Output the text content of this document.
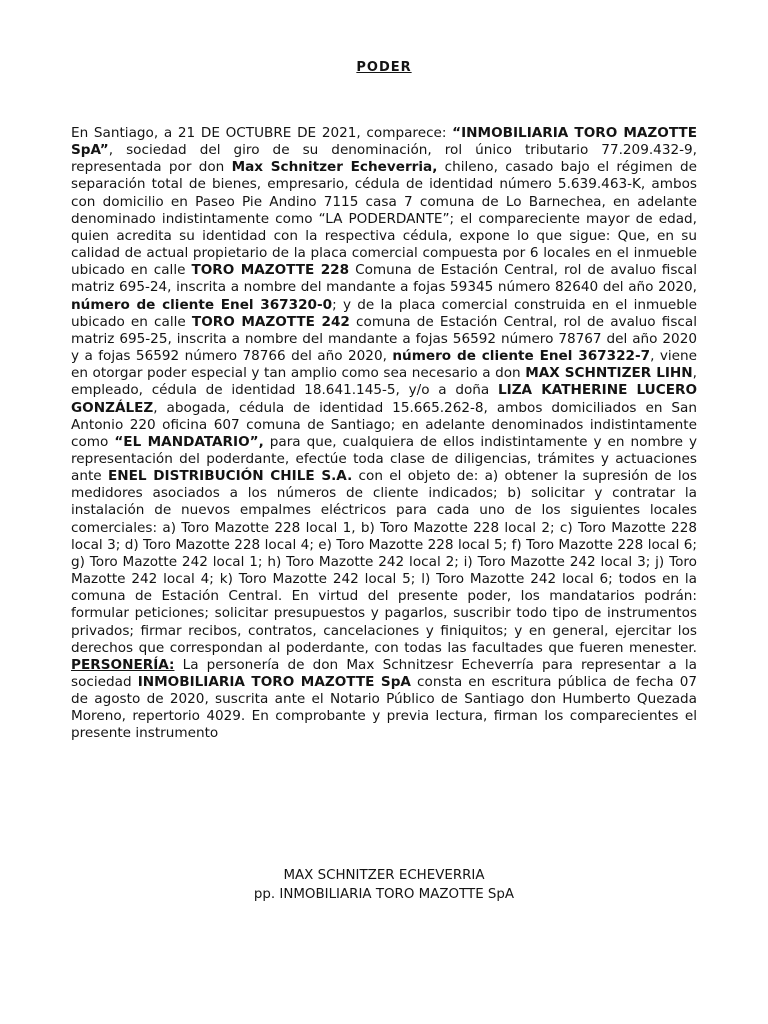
PODER
En Santiago, a 21 DE OCTUBRE DE 2021, comparece: “INMOBILIARIA TORO MAZOTTE SpA”, sociedad del giro de su denominación, rol único tributario 77.209.432-9, representada por don Max Schnitzer Echeverria, chileno, casado bajo el régimen de separación total de bienes, empresario, cédula de identidad número 5.639.463-K, ambos con domicilio en Paseo Pie Andino 7115 casa 7 comuna de Lo Barnechea, en adelante denominado indistintamente como “LA PODERDANTE”; el compareciente mayor de edad, quien acredita su identidad con la respectiva cédula, expone lo que sigue: Que, en su calidad de actual propietario de la placa comercial compuesta por 6 locales en el inmueble ubicado en calle TORO MAZOTTE 228 Comuna de Estación Central, rol de avaluo fiscal matriz 695-24, inscrita a nombre del mandante a fojas 59345 número 82640 del año 2020, número de cliente Enel 367320-0; y de la placa comercial construida en el inmueble ubicado en calle TORO MAZOTTE 242 comuna de Estación Central, rol de avaluo fiscal matriz 695-25, inscrita a nombre del mandante a fojas 56592 número 78767 del año 2020 y a fojas 56592 número 78766 del año 2020, número de cliente Enel 367322-7, viene en otorgar poder especial y tan amplio como sea necesario a don MAX SCHNTIZER LIHN, empleado, cédula de identidad 18.641.145-5, y/o a doña LIZA KATHERINE LUCERO GONZÁLEZ, abogada, cédula de identidad 15.665.262-8, ambos domiciliados en San Antonio 220 oficina 607 comuna de Santiago; en adelante denominados indistintamente como “EL MANDATARIO”, para que, cualquiera de ellos indistintamente y en nombre y representación del poderdante, efectúe toda clase de diligencias, trámites y actuaciones ante ENEL DISTRIBUCIÓN CHILE S.A. con el objeto de: a) obtener la supresión de los medidores asociados a los números de cliente indicados; b) solicitar y contratar la instalación de nuevos empalmes eléctricos para cada uno de los siguientes locales comerciales: a) Toro Mazotte 228 local 1, b) Toro Mazotte 228 local 2; c) Toro Mazotte 228 local 3; d) Toro Mazotte 228 local 4; e) Toro Mazotte 228 local 5; f) Toro Mazotte 228 local 6; g) Toro Mazotte 242 local 1; h) Toro Mazotte 242 local 2; i) Toro Mazotte 242 local 3; j) Toro Mazotte 242 local 4; k) Toro Mazotte 242 local 5; l) Toro Mazotte 242 local 6; todos en la comuna de Estación Central. En virtud del presente poder, los mandatarios podrán: formular peticiones; solicitar presupuestos y pagarlos, suscribir todo tipo de instrumentos privados; firmar recibos, contratos, cancelaciones y finiquitos; y en general, ejercitar los derechos que correspondan al poderdante, con todas las facultades que fueren menester. PERSONERÍA: La personería de don Max Schnitzesr Echeverría para representar a la sociedad INMOBILIARIA TORO MAZOTTE SpA consta en escritura pública de fecha 07 de agosto de 2020, suscrita ante el Notario Público de Santiago don Humberto Quezada Moreno, repertorio 4029. En comprobante y previa lectura, firman los comparecientes el presente instrumento
MAX SCHNITZER ECHEVERRIA
pp. INMOBILIARIA TORO MAZOTTE SpA
